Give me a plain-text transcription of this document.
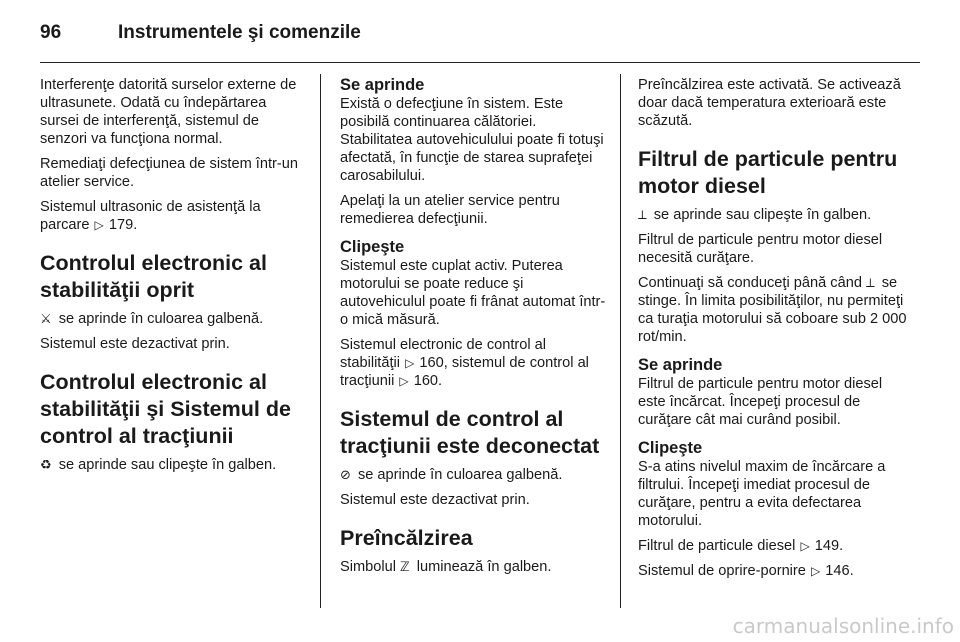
96	Instrumentele şi comenzile

Interferenţe datorită surselor externe de ultrasunete. Odată cu îndepărtarea sursei de interferenţă, sistemul de senzori va funcţiona normal.

Remediaţi defecţiunea de sistem într-un atelier service.

Sistemul ultrasonic de asistenţă la parcare ▷ 179.

Controlul electronic al stabilităţii oprit

⚔ se aprinde în culoarea galbenă.

Sistemul este dezactivat prin.

Controlul electronic al stabilităţii şi Sistemul de control al tracţiunii

♻ se aprinde sau clipeşte în galben.

Se aprinde

Există o defecţiune în sistem. Este posibilă continuarea călătoriei. Stabilitatea autovehiculului poate fi totuşi afectată, în funcţie de starea suprafeţei carosabilului.

Apelaţi la un atelier service pentru remedierea defecţiunii.

Clipeşte

Sistemul este cuplat activ. Puterea motorului se poate reduce şi autovehiculul poate fi frânat automat într-o mică măsură.

Sistemul electronic de control al stabilităţii ▷ 160, sistemul de control al tracţiunii ▷ 160.

Sistemul de control al tracţiunii este deconectat

⊘ se aprinde în culoarea galbenă.

Sistemul este dezactivat prin.

Preîncălzirea

Simbolul ℤ luminează în galben.

Preîncălzirea este activată. Se activează doar dacă temperatura exterioară este scăzută.

Filtrul de particule pentru motor diesel

⟂ se aprinde sau clipeşte în galben.

Filtrul de particule pentru motor diesel necesită curăţare.

Continuaţi să conduceţi până când ⟂ se stinge. În limita posibilităţilor, nu permiteţi ca turaţia motorului să coboare sub 2 000 rot/min.

Se aprinde

Filtrul de particule pentru motor diesel este încărcat. Începeţi procesul de curăţare cât mai curând posibil.

Clipeşte

S-a atins nivelul maxim de încărcare a filtrului. Începeţi imediat procesul de curăţare, pentru a evita defectarea motorului.

Filtrul de particule diesel ▷ 149.

Sistemul de oprire-pornire ▷ 146.

carmanualsonline.info
